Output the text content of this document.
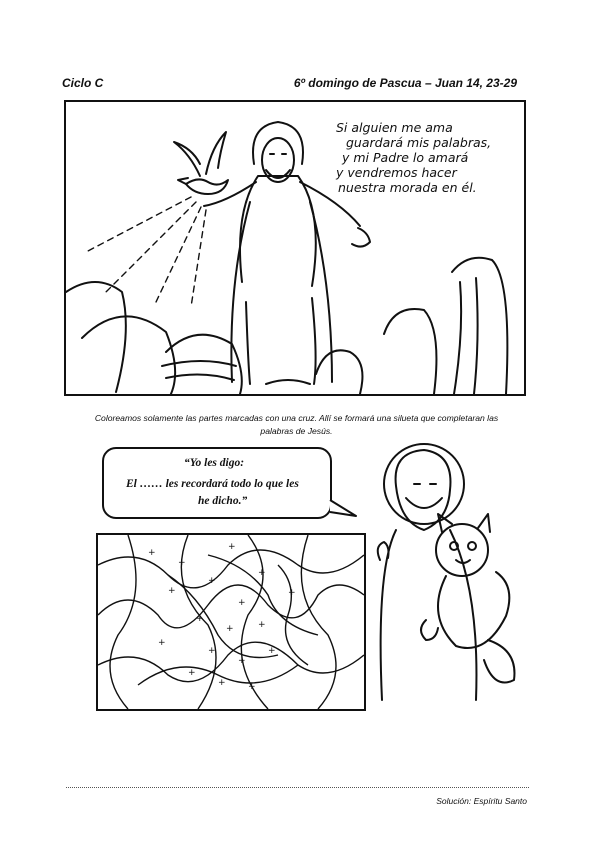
Ciclo C	6º domingo de Pascua – Juan 14, 23-29
Si alguien me ama
guardará mis palabras,
y mi Padre lo amará
y vendremos hacer
nuestra morada en él.
Coloreamos solamente las partes marcadas con una cruz. Allí se formará una silueta que completaran las
palabras de Jesús.
“Yo les digo:
El …… les recordará todo lo que les
he dicho.”
+
+
+
+
+
+
+
+	+
+
+
+
+
+
+
+
+
+
Solución: Espíritu Santo
